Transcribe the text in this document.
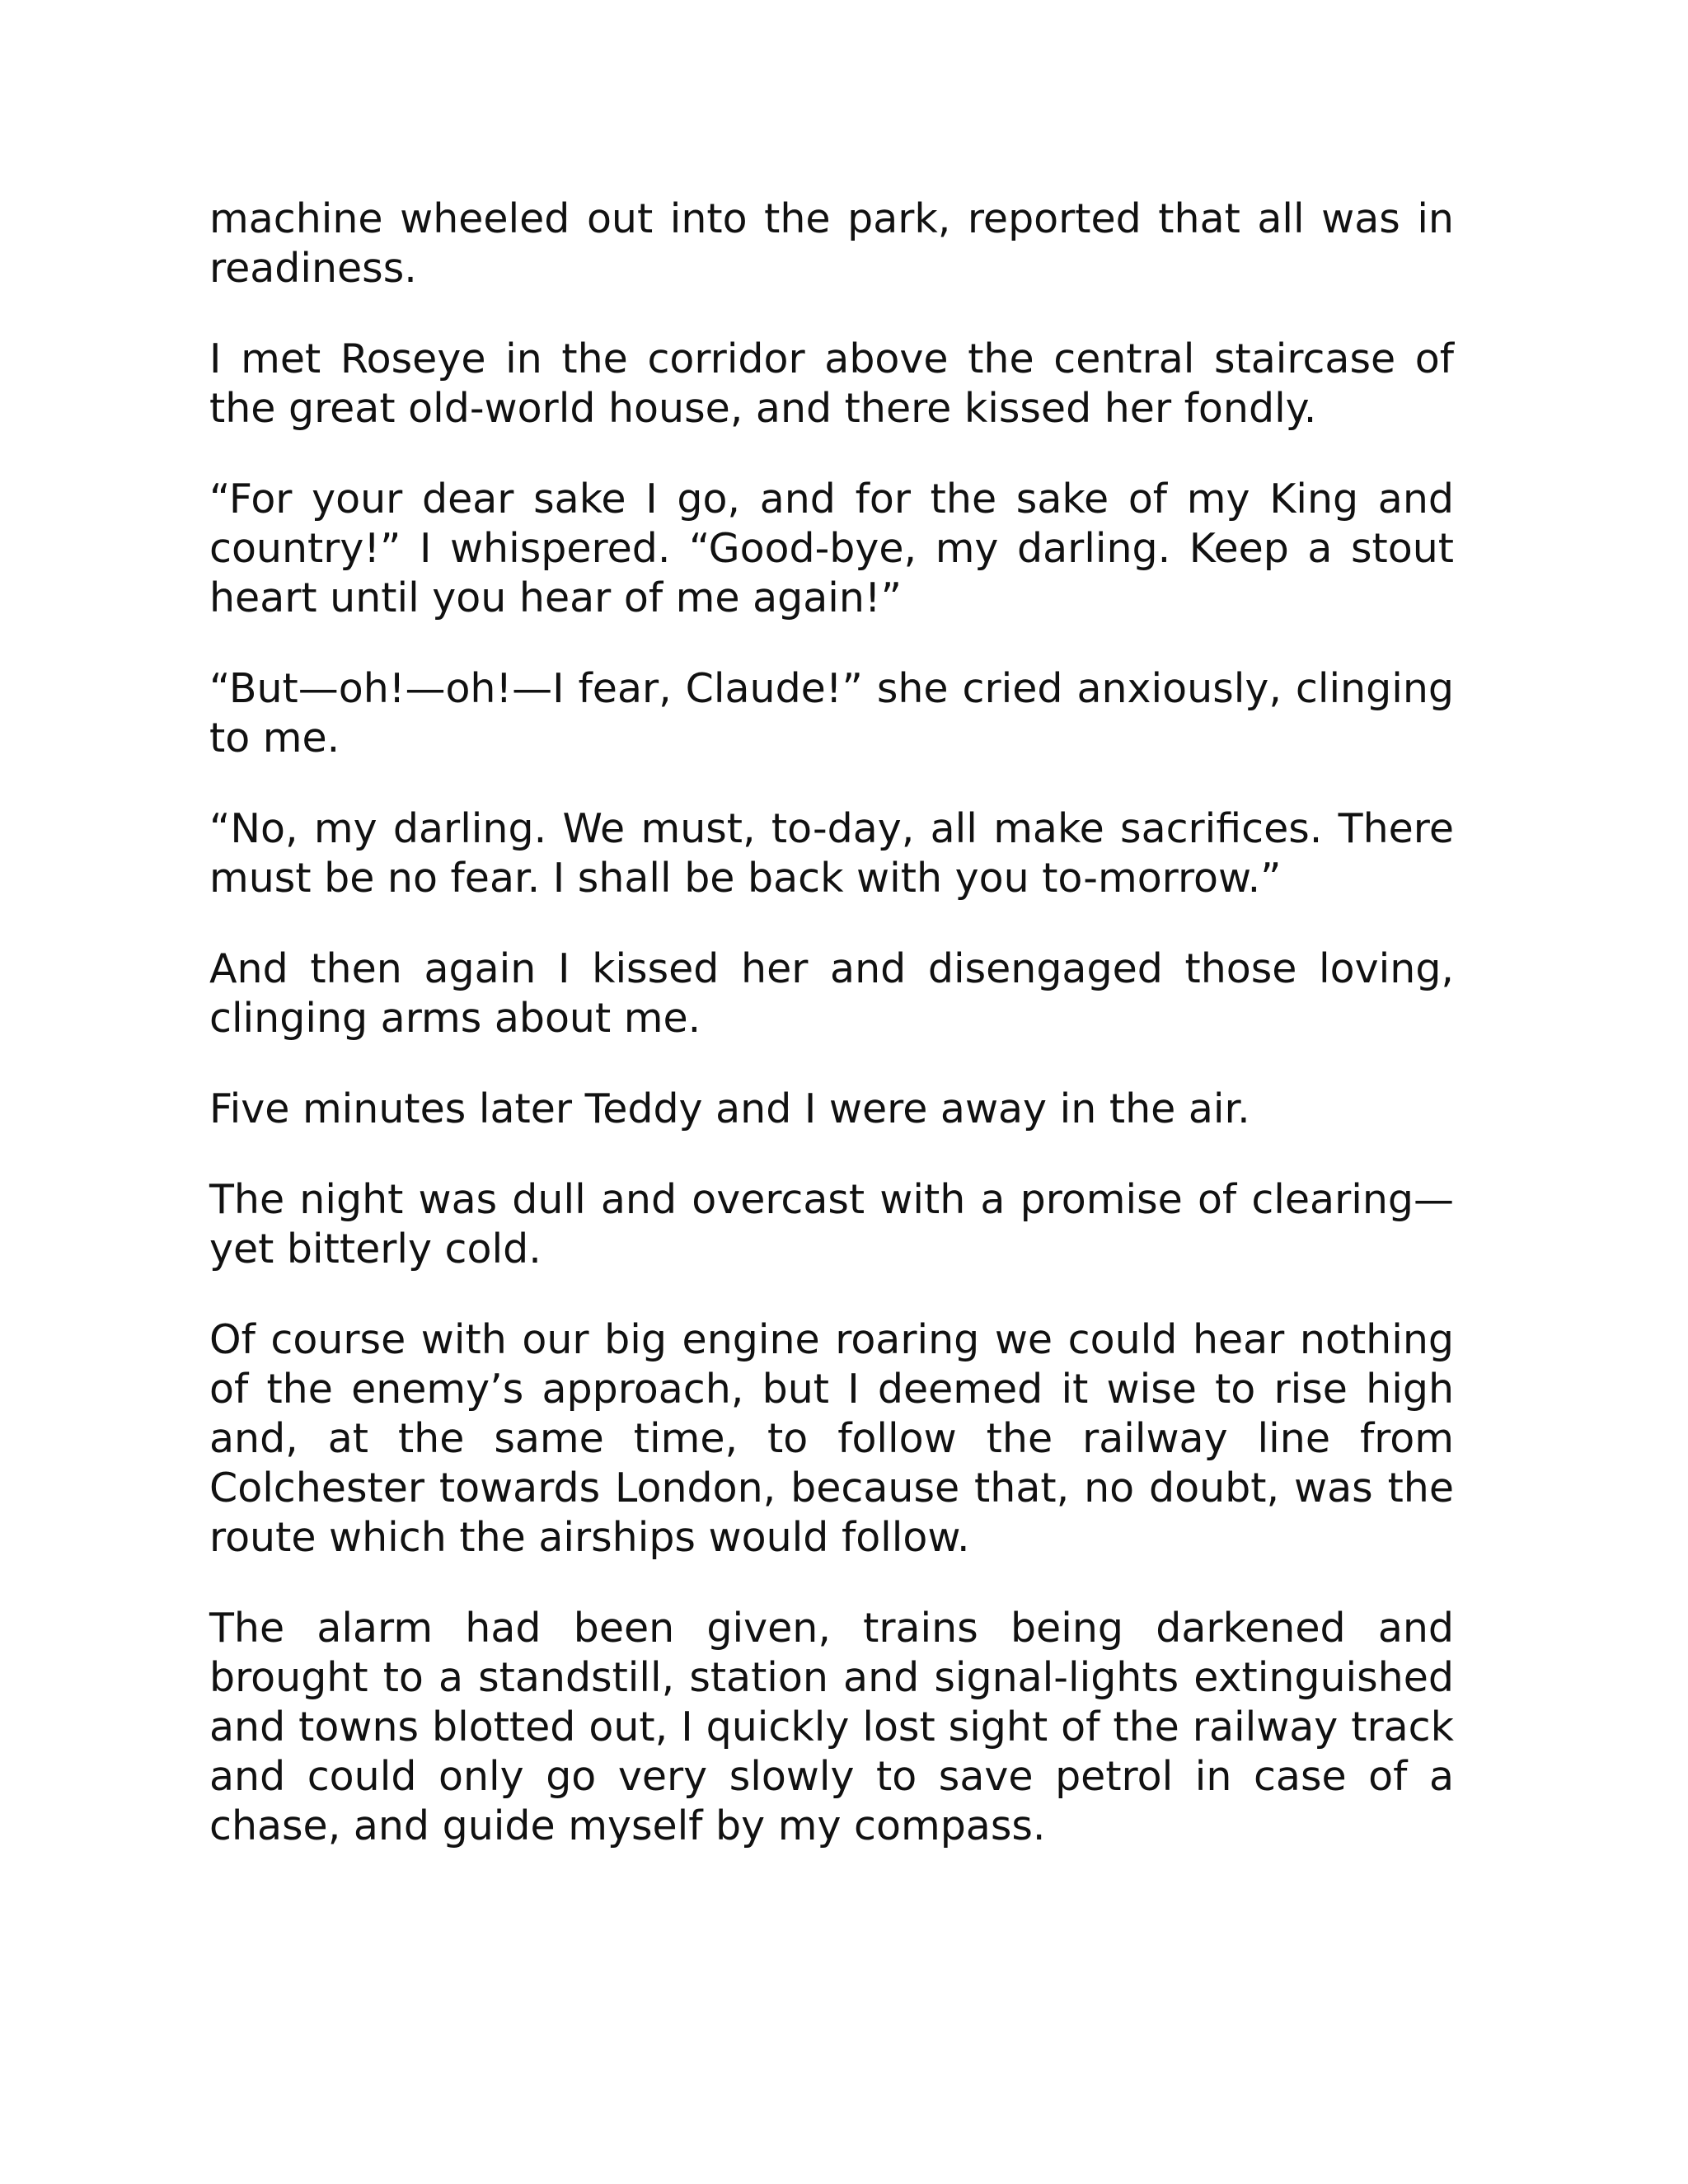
machine wheeled out into the park, reported that all was in readiness.

I met Roseye in the corridor above the central staircase of the great old-world house, and there kissed her fondly.

“For your dear sake I go, and for the sake of my King and country!” I whispered. “Good-bye, my darling. Keep a stout heart until you hear of me again!”

“But—oh!—oh!—I fear, Claude!” she cried anxiously, clinging to me.

“No, my darling. We must, to-day, all make sacrifices. There must be no fear. I shall be back with you to-morrow.”

And then again I kissed her and disengaged those loving, clinging arms about me.

Five minutes later Teddy and I were away in the air.

The night was dull and overcast with a promise of clearing—yet bitterly cold.

Of course with our big engine roaring we could hear nothing of the enemy’s approach, but I deemed it wise to rise high and, at the same time, to follow the railway line from Colchester towards London, because that, no doubt, was the route which the airships would follow.

The alarm had been given, trains being darkened and brought to a standstill, station and signal-lights extinguished and towns blotted out, I quickly lost sight of the railway track and could only go very slowly to save petrol in case of a chase, and guide myself by my compass.
